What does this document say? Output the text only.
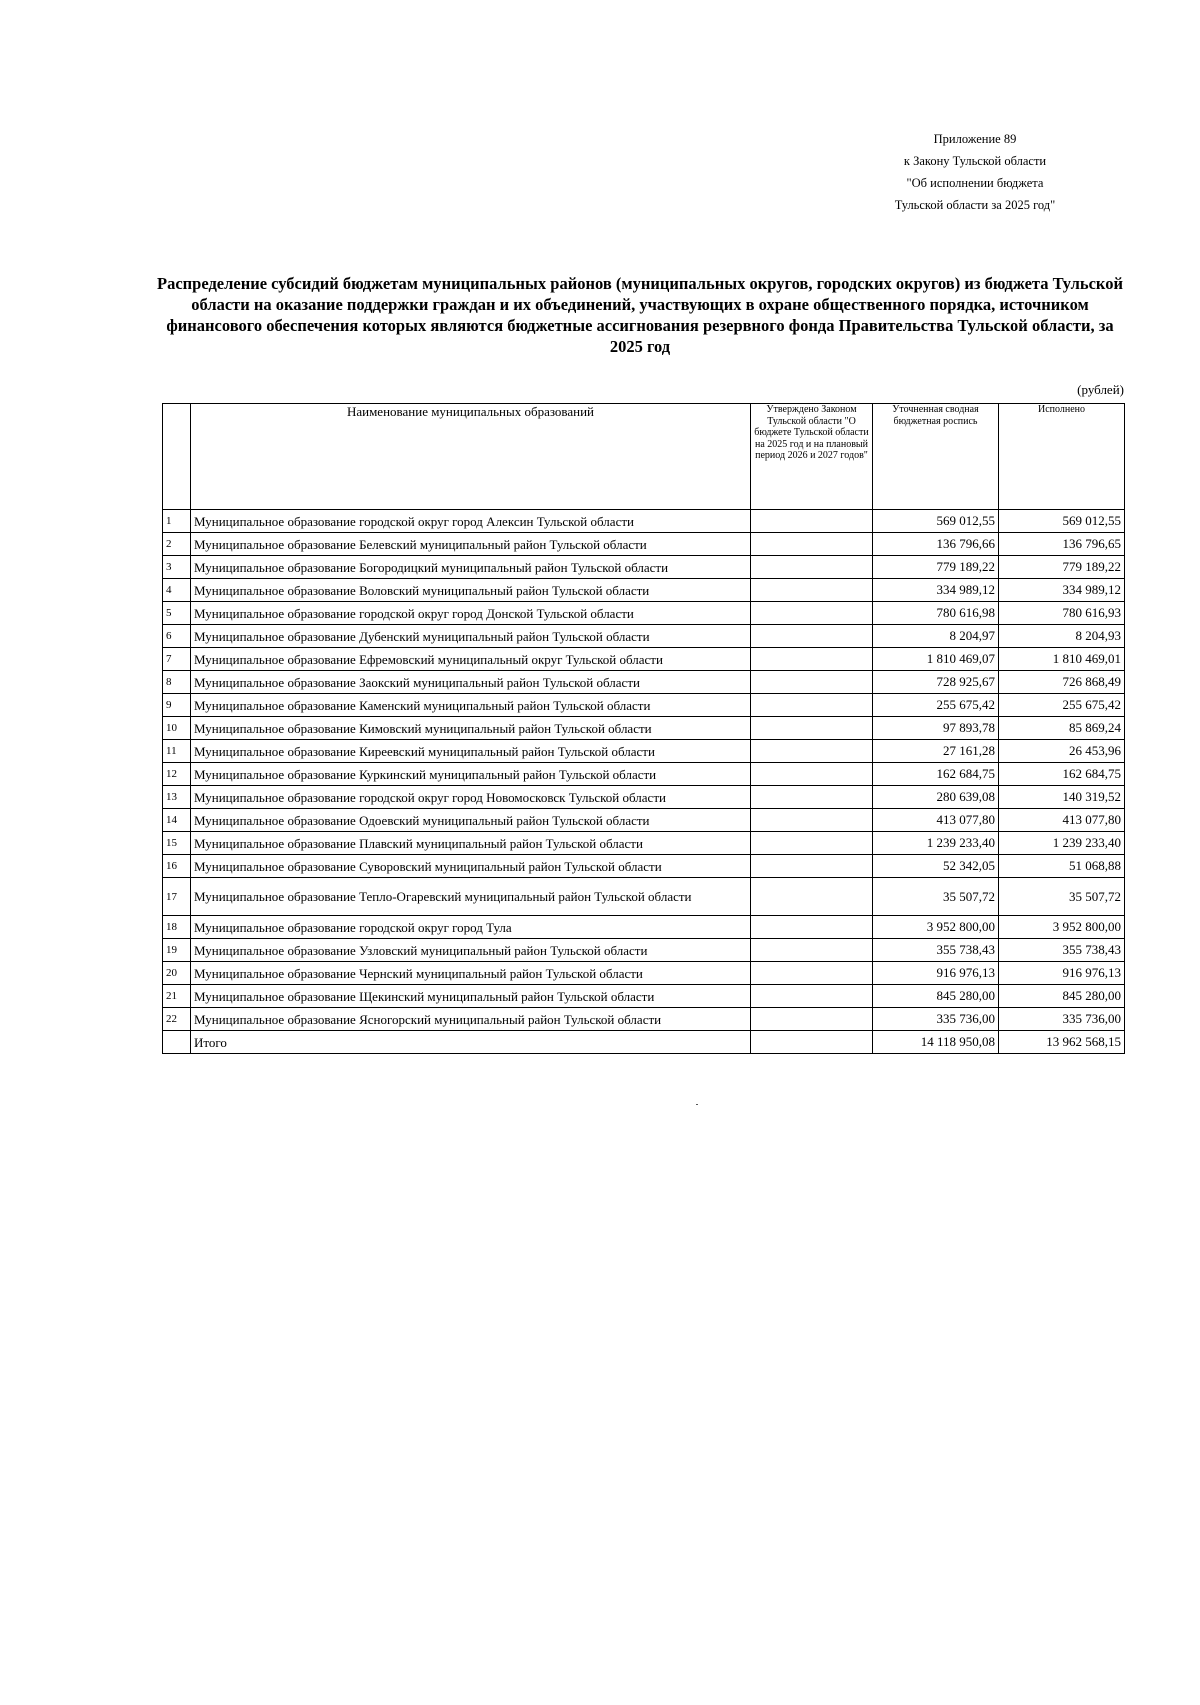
Приложение 89
к Закону Тульской области
"Об исполнении бюджета
Тульской области за 2025 год"
Распределение субсидий бюджетам муниципальных районов (муниципальных округов, городских округов) из бюджета Тульской области на оказание поддержки граждан и их объединений, участвующих в охране общественного порядка, источником финансового обеспечения которых являются бюджетные ассигнования резервного фонда Правительства Тульской области, за 2025 год
(рублей)
	Наименование муниципальных образований	Утверждено Законом Тульской области "О бюджете Тульской области на 2025 год и на плановый период 2026 и 2027 годов"	Уточненная сводная бюджетная роспись	Исполнено
1	Муниципальное образование городской округ город Алексин Тульской области		569 012,55	569 012,55
2	Муниципальное образование Белевский муниципальный район Тульской области		136 796,66	136 796,65
3	Муниципальное образование Богородицкий муниципальный район Тульской области		779 189,22	779 189,22
4	Муниципальное образование Воловский муниципальный район Тульской области		334 989,12	334 989,12
5	Муниципальное образование городской округ город Донской Тульской области		780 616,98	780 616,93
6	Муниципальное образование Дубенский муниципальный район Тульской области		8 204,97	8 204,93
7	Муниципальное образование Ефремовский муниципальный округ Тульской области		1 810 469,07	1 810 469,01
8	Муниципальное образование Заокский муниципальный район Тульской области		728 925,67	726 868,49
9	Муниципальное образование Каменский муниципальный район Тульской области		255 675,42	255 675,42
10	Муниципальное образование Кимовский муниципальный район Тульской области		97 893,78	85 869,24
11	Муниципальное образование Киреевский муниципальный район Тульской области		27 161,28	26 453,96
12	Муниципальное образование Куркинский муниципальный район Тульской области		162 684,75	162 684,75
13	Муниципальное образование городской округ город Новомосковск Тульской области		280 639,08	140 319,52
14	Муниципальное образование Одоевский муниципальный район Тульской области		413 077,80	413 077,80
15	Муниципальное образование Плавский муниципальный район Тульской области		1 239 233,40	1 239 233,40
16	Муниципальное образование Суворовский муниципальный район Тульской области		52 342,05	51 068,88
17	Муниципальное образование Тепло-Огаревский муниципальный район Тульской области		35 507,72	35 507,72
18	Муниципальное образование городской округ город Тула		3 952 800,00	3 952 800,00
19	Муниципальное образование Узловский муниципальный район Тульской области		355 738,43	355 738,43
20	Муниципальное образование Чернский муниципальный район Тульской области		916 976,13	916 976,13
21	Муниципальное образование Щекинский муниципальный район Тульской области		845 280,00	845 280,00
22	Муниципальное образование Ясногорский муниципальный район Тульской области		335 736,00	335 736,00
	Итого		14 118 950,08	13 962 568,15
